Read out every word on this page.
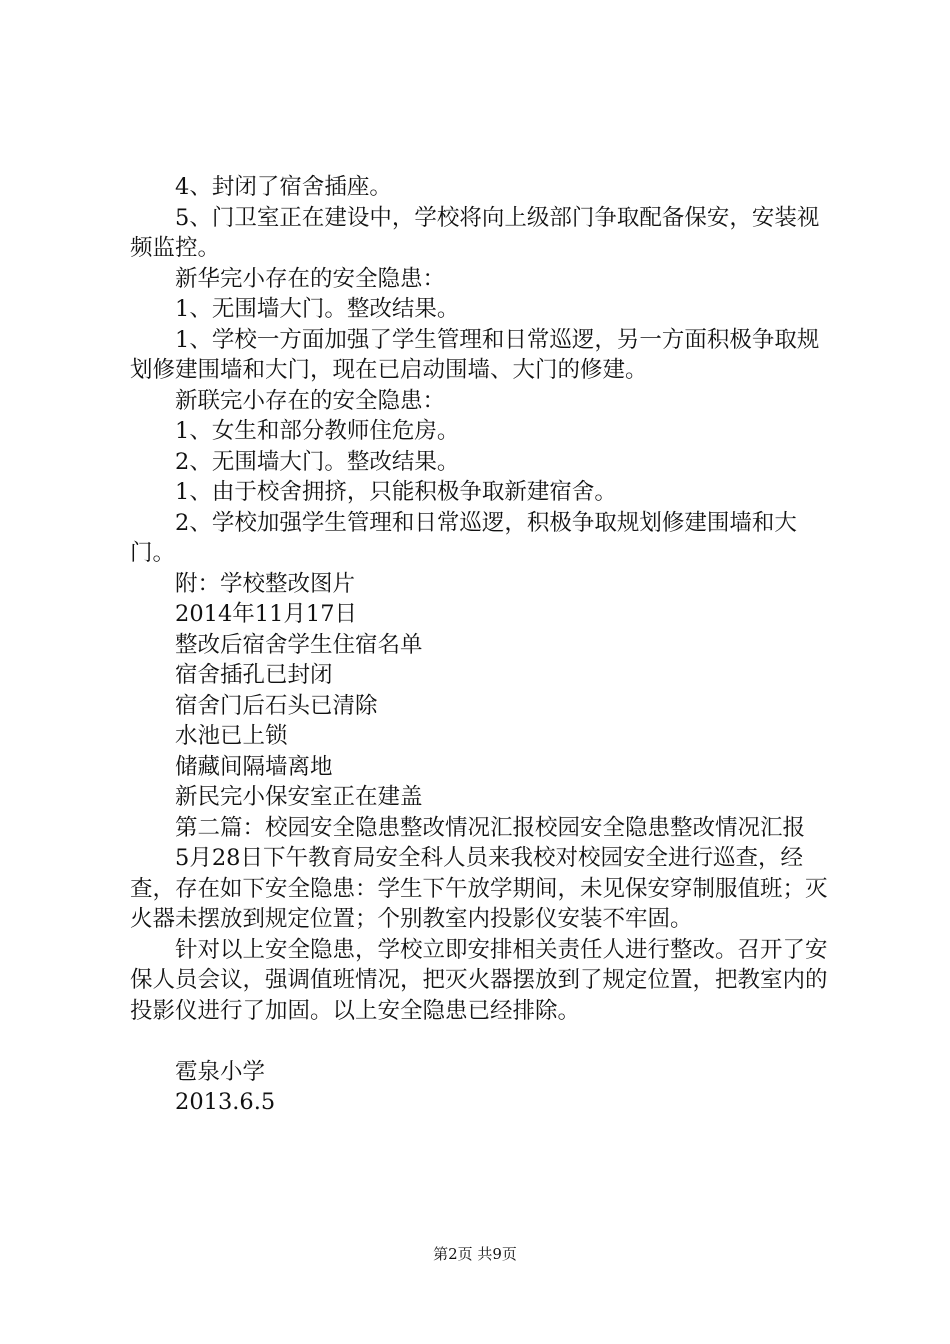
4、封闭了宿舍插座。

5、门卫室正在建设中，学校将向上级部门争取配备保安，安装视频监控。

新华完小存在的安全隐患：

1、无围墙大门。整改结果。

1、学校一方面加强了学生管理和日常巡逻，另一方面积极争取规划修建围墙和大门，现在已启动围墙、大门的修建。

新联完小存在的安全隐患：

1、女生和部分教师住危房。

2、无围墙大门。整改结果。

1、由于校舍拥挤，只能积极争取新建宿舍。

2、学校加强学生管理和日常巡逻，积极争取规划修建围墙和大门。

附：学校整改图片

2014年11月17日

整改后宿舍学生住宿名单

宿舍插孔已封闭

宿舍门后石头已清除

水池已上锁

储藏间隔墙离地

新民完小保安室正在建盖

第二篇：校园安全隐患整改情况汇报校园安全隐患整改情况汇报

5月28日下午教育局安全科人员来我校对校园安全进行巡查，经查，存在如下安全隐患：学生下午放学期间，未见保安穿制服值班；灭火器未摆放到规定位置；个别教室内投影仪安装不牢固。

针对以上安全隐患，学校立即安排相关责任人进行整改。召开了安保人员会议，强调值班情况，把灭火器摆放到了规定位置，把教室内的投影仪进行了加固。以上安全隐患已经排除。

雹泉小学

2013.6.5

第2页 共9页
